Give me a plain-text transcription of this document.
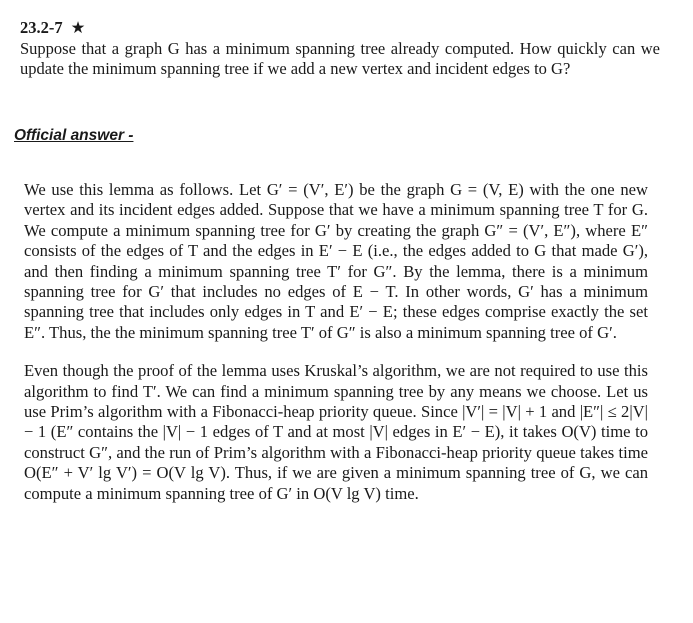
23.2-7 ★

Suppose that a graph G has a minimum spanning tree already computed. How quickly can we update the minimum spanning tree if we add a new vertex and incident edges to G?

Official answer -

We use this lemma as follows. Let G′ = (V′, E′) be the graph G = (V, E) with the one new vertex and its incident edges added. Suppose that we have a minimum spanning tree T for G. We compute a minimum spanning tree for G′ by creating the graph G″ = (V′, E″), where E″ consists of the edges of T and the edges in E′ − E (i.e., the edges added to G that made G′), and then finding a minimum spanning tree T′ for G″. By the lemma, there is a minimum spanning tree for G′ that includes no edges of E − T. In other words, G′ has a minimum spanning tree that includes only edges in T and E′ − E; these edges comprise exactly the set E″. Thus, the the minimum spanning tree T′ of G″ is also a minimum spanning tree of G′.

Even though the proof of the lemma uses Kruskal’s algorithm, we are not required to use this algorithm to find T′. We can find a minimum spanning tree by any means we choose. Let us use Prim’s algorithm with a Fibonacci-heap priority queue. Since |V′| = |V| + 1 and |E″| ≤ 2|V| − 1 (E″ contains the |V| − 1 edges of T and at most |V| edges in E′ − E), it takes O(V) time to construct G″, and the run of Prim’s algorithm with a Fibonacci-heap priority queue takes time O(E″ + V′ lg V′) = O(V lg V). Thus, if we are given a minimum spanning tree of G, we can compute a minimum spanning tree of G′ in O(V lg V) time.
